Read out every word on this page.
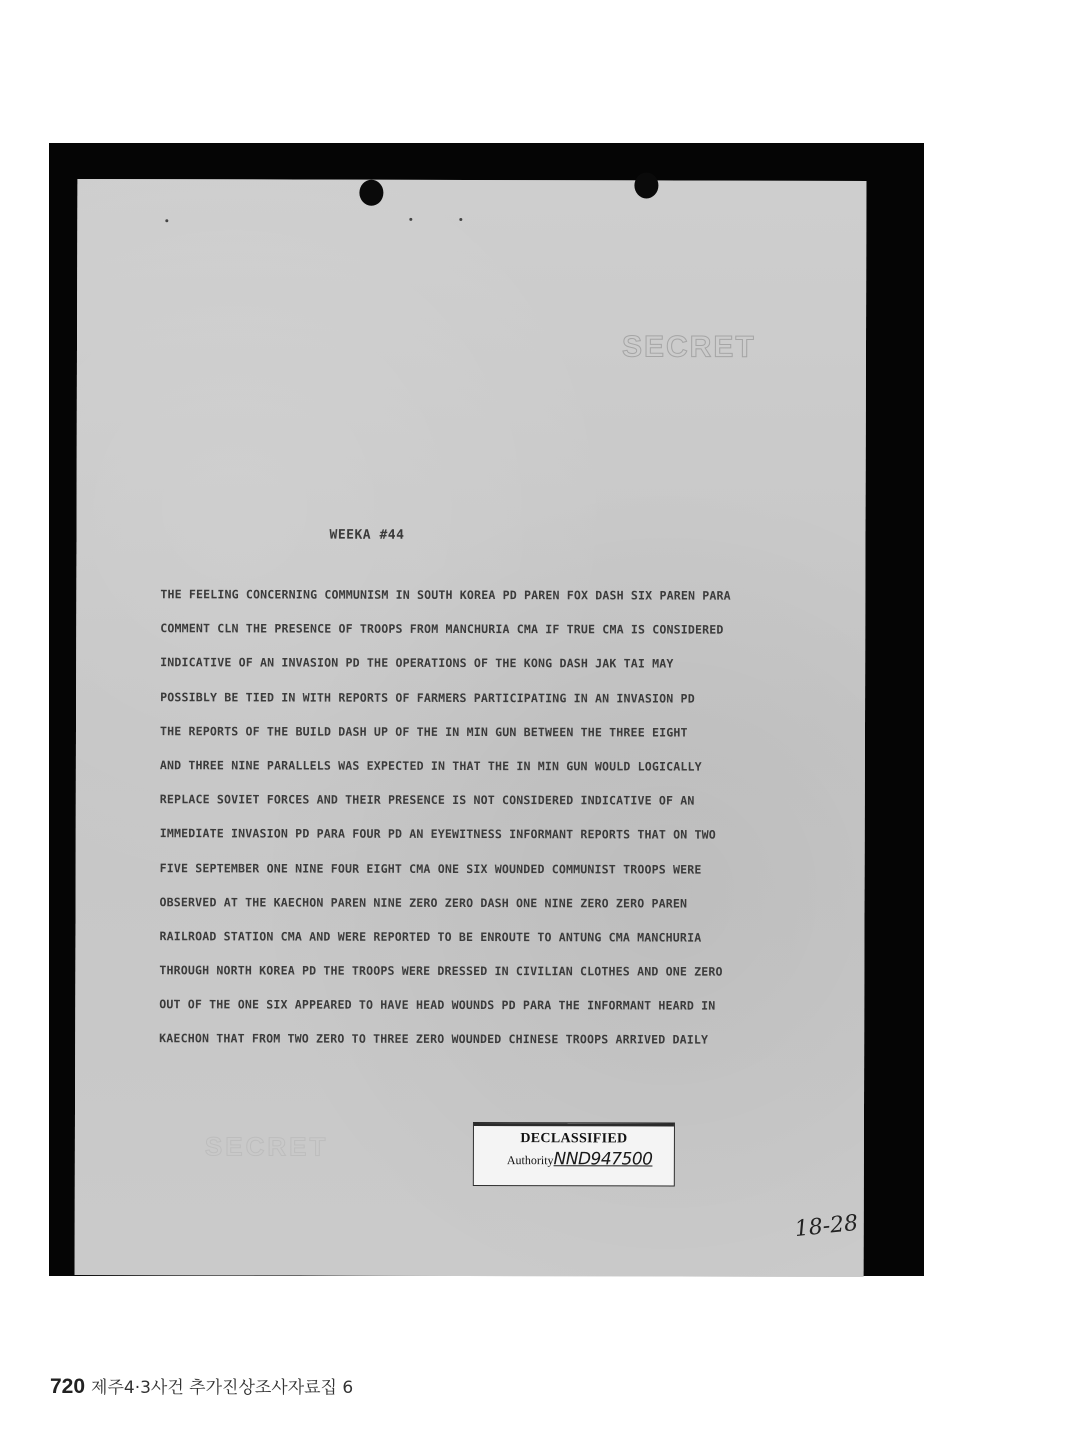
SECRET
WEEKA #44
THE FEELING CONCERNING COMMUNISM IN SOUTH KOREA PD PAREN FOX DASH SIX PAREN PARA
COMMENT CLN THE PRESENCE OF TROOPS FROM MANCHURIA CMA IF TRUE CMA IS CONSIDERED
INDICATIVE OF AN INVASION PD THE OPERATIONS OF THE KONG DASH JAK TAI MAY
POSSIBLY BE TIED IN WITH REPORTS OF FARMERS PARTICIPATING IN AN INVASION PD
THE REPORTS OF THE BUILD DASH UP OF THE IN MIN GUN BETWEEN THE THREE EIGHT
AND THREE NINE PARALLELS WAS EXPECTED IN THAT THE IN MIN GUN WOULD LOGICALLY
REPLACE SOVIET FORCES AND THEIR PRESENCE IS NOT CONSIDERED INDICATIVE OF AN
IMMEDIATE INVASION PD PARA FOUR PD AN EYEWITNESS INFORMANT REPORTS THAT ON TWO
FIVE SEPTEMBER ONE NINE FOUR EIGHT CMA ONE SIX WOUNDED COMMUNIST TROOPS WERE
OBSERVED AT THE KAECHON PAREN NINE ZERO ZERO DASH ONE NINE ZERO ZERO PAREN
RAILROAD STATION CMA AND WERE REPORTED TO BE ENROUTE TO ANTUNG CMA MANCHURIA
THROUGH NORTH KOREA PD THE TROOPS WERE DRESSED IN CIVILIAN CLOTHES AND ONE ZERO
OUT OF THE ONE SIX APPEARED TO HAVE HEAD WOUNDS PD PARA THE INFORMANT HEARD IN
KAECHON THAT FROM TWO ZERO TO THREE ZERO WOUNDED CHINESE TROOPS ARRIVED DAILY
SECRET	DECLASSIFIED
AuthorityNND947500
18-28
720 제주4·3사건 추가진상조사자료집 6
